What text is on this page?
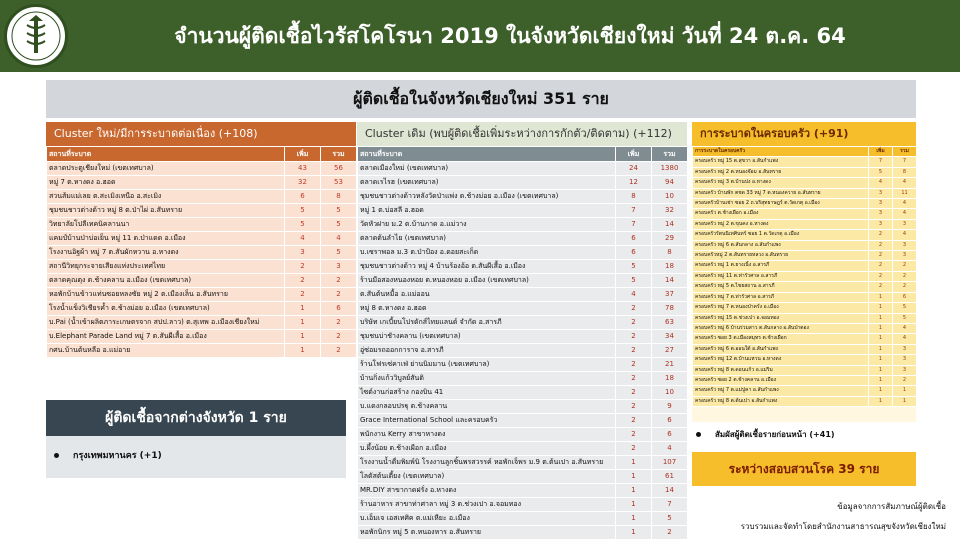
จำนวนผู้ติดเชื้อไวรัสโคโรนา 2019 ในจังหวัดเชียงใหม่ วันที่ 24 ต.ค. 64
ผู้ติดเชื้อในจังหวัดเชียงใหม่ 351 ราย
Cluster ใหม่/มีการระบาดต่อเนื่อง (+108)
สถานที่ระบาด	เพิ่ม	รวม
ตลาดประตูเชียงใหม่ (เขตเทศบาล)	43	56
หมู่ 7 ต.หางดง อ.ฮอด	32	53
สวนส้มแม่เลย ต.สะเมิงเหนือ อ.สะเมิง	6	8
ชุมชนชาวต่างด้าว หมู่ 8 ต.ป่าไผ่ อ.สันทราย	5	5
วิทยาลัยโปลีเทคนิคลานนา	5	5
แคมป์บ้านป่าบ่อเย็น หมู่ 11 ต.ป่าแดด อ.เมือง	4	4
โรงงานอิฐผ้า หมู่ 7 ต.สันผักหวาน อ.หางดง	3	5
สถานีวิทยุกระจายเสียงแห่งประเทศไทย	2	3
ตลาดคุณตุง ต.ช้างคลาน อ.เมือง (เขตเทศบาล)	2	2
หอพักบ้านข้าวแท่นซอยหลงซัย หมู่ 2 ต.เมืองเล็น อ.สันทราย	2	2
โรงน้ำแข็งวิเชียรค้ำ ต.ช้างม่อย อ.เมือง (เขตเทศบาล)	1	6
บ.Pai (น้ำเข้าผลิตภาระเกษตรจาก สปป.ลาว) ต.สุเทพ อ.เมืองเชียงใหม่	1	2
บ.Elephant Parade Land หมู่ 7 ต.สันผีเสื้อ อ.เมือง	1	2
กศน.บ้านต้นหลือ อ.แม่อาย	1	2
Cluster เดิม (พบผู้ติดเชื้อเพิ่มระหว่างการกักตัว/ติดตาม) (+112)
สถานที่ระบาด	เพิ่ม	รวม
ตลาดเมืองใหม่ (เขตเทศบาล)	24	1380
ตลาดเรไรฮ (เขตเทศบาล)	12	94
ชุมชนชาวต่างด้าวหลังวัดป่าแพ่ง ต.ช้างม่อย อ.เมือง (เขตเทศบาล)	8	10
หมู่ 1 ต.บ่อสลี อ.ฮอด	7	32
วัดหัวฝาย ม.2 ต.บ้านกาด อ.แม่วาง	7	14
ตลาดต้นลำไย (เขตเทศบาล)	6	29
บ.เซราพอล ม.3 ต.ป่าป้อง อ.ดอยสะเก็ด	6	8
ชุมชนชาวต่างด้าว หมู่ 4 บ้านร้องอ้อ ต.สันผีเสื้อ อ.เมือง	5	18
ร้านมือสองหนองหอย ต.หนองหอย อ.เมือง (เขตเทศบาล)	5	14
ต.สันต้นหมื้อ อ.แม่ออน	4	37
หมู่ 8 ต.หางดง อ.ฮอด	2	78
บริษัท เกเบี้ยนโปรดักส์ไทยแลนด์ จำกัด อ.สารภี	2	63
ชุมชนบ่าชัางคลาน (เขตเทศบาล)	2	34
อู่ซ่อมรถออกการาจ อ.สารภี	2	27
ร้านโฟรเซ่คาเฟ่ ย่านนิมมาน (เขตเทศบาล)	2	21
บ้านกิ่งแก้ววิบูลย์สันติ	2	18
ไซต์งานก่อสร้าง กองบิน 41	2	10
บ.แดงกลอบปรฐุ ต.ช้างคลาน	2	9
Grace International School และครอบครัว	2	6
พนักงาน Kerry สาขาหางดง	2	6
บ.ผึ้งน้อย ต.ช้างเผือก อ.เมือง	2	4
โรงงานน้ำดื่มพิมพ์นิ โรงงานลูกชิ้นพรสวรรค์ หอพักเจ็พร ม.9 ต.ต้นเปา อ.สันทราย	1	107
โลตัสต้นเตี้ยง (เขตเทศบาล)	1	61
MR.DIY สาขากาดฝรั่ง อ.หางดง	1	14
ร้านอาหาร สาขาท่าศาลา หมู่ 3 ต.ช่วงเปา อ.จอมทอง	1	7
บ.เอ็มเจ เอสเทศิค ต.แม่เหียะ อ.เมือง	1	5
หอพักนิกร หมู่ 5 ต.หนองหาร อ.สันทราย	1	2
การระบาดในครอบครัว (+91)
การระบาดในครอบครัว	เพิ่ม	รวม
ครอบครัว หมู่ 15 ต.สุขวา อ.สันกำแพง	7	7
ครอบครัว หมู่ 2 ต.หนองจ๊อม อ.สันทราย	5	8
ครอบครัว หมู่ 3 ต.บ้านปง อ.หางดง	4	4
ครอบครัว บ้านพัก ตชด 33 หมู่ 7 ต.หนองควาย อ.สันทราย	3	11
ครอบครัวบ้านเช่า ซอย 2 ถ.บริสุทธาษฎร์ ต.วัดเกตุ อ.เมือง	3	4
ครอบครัว ต.ช้างเผือก อ.เมือง	3	4
ครอบครัว หมู่ 2 ต.ขุนคง อ.หางดง	3	3
ครอบครัวรัตนนิเทศินทร์ ซอย 1 ต.วัดเกตุ อ.เมือง	2	4
ครอบครัว หมู่ 6 ต.สันกลาง อ.สันกำแพง	2	3
ครอบครัวหมู่ 2 ต.สันทรายหลวง อ.สันทราย	2	3
ครอบครัว หมู่ 1 ต.ยางเนิ้ง อ.สารภี	2	2
ครอบครัว หมู่ 11 ต.ท่ารัวศาล อ.สารภี	2	2
ครอบครัว หมู่ 5 ต.ไชยสถาน อ.สารภี	2	2
ครอบครัว หมู่ 7 ต.ท่ารัวศาล อ.สารภี	1	6
ครอบครัว หมู่ 7 ต.หนองป่าครั่ง อ.เมือง	1	5
ครอบครัว หมู่ 15 ต.ช่วงเปา อ.จอมทอง	1	5
ครอบครัว หมู่ 6 บ้านร่วมสาว ต.สันกลาง อ.สันป่าตอง	1	4
ครอบครัว ซอย 3 ต.เมืองสมุทร ต.ช้างเผือก	1	4
ครอบครัว หมู่ 6 ต.ออนใต้ อ.สันกำแพง	1	3
ครอบครัว หมู่ 12 ต.บ้านแหวน อ.หางดง	1	3
ครอบครัว หมู่ 8 ต.ดอนแก้ว อ.แม่ริม	1	3
ครอบครัว ซอย 2 ต.ช้างคลาน อ.เมือง	1	2
ครอบครัว หมู่ 7 ต.แม่ปูคา อ.สันกำแพง	1	1
ครอบครัว หมู่ 8 ต.ต้นเปา อ.สันกำแพง	1	1
สัมผัสผู้ติดเชื้อรายก่อนหน้า (+41)
ระหว่างสอบสวนโรค 39 ราย
ผู้ติดเชื้อจากต่างจังหวัด 1 ราย
กรุงเทพมหานคร (+1)
ข้อมูลจากการสัมภาษณ์ผู้ติดเชื้อ
รวบรวมและจัดทำโดยสำนักงานสาธารณสุขจังหวัดเชียงใหม่
